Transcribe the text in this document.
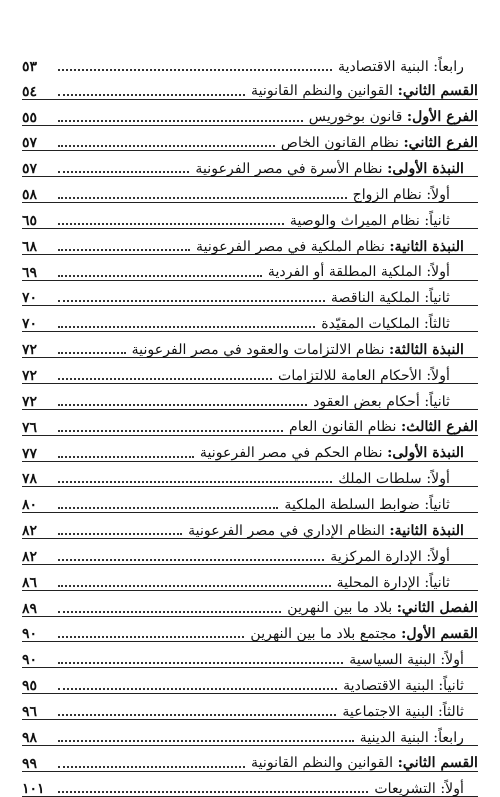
رابعاً: البنية الاقتصادية
٥٣
القسم الثاني: القوانين والنظم القانونية
٥٤
الفرع الأول: قانون بوخوريس
٥٥
الفرع الثاني: نظام القانون الخاص
٥٧
النبذة الأولى: نظام الأسرة في مصر الفرعونية
٥٧
أولاً: نظام الزواج
٥٨
ثانياً: نظام الميراث والوصية
٦٥
النبذة الثانية: نظام الملكية في مصر الفرعونية
٦٨
أولاً: الملكية المطلقة أو الفردية
٦٩
ثانياً: الملكية الناقصة
٧٠
ثالثاً: الملكيات المقيّدة
٧٠
النبذة الثالثة: نظام الالتزامات والعقود في مصر الفرعونية
٧٢
أولاً: الأحكام العامة للالتزامات
٧٢
ثانياً: أحكام بعض العقود
٧٢
الفرع الثالث: نظام القانون العام
٧٦
النبذة الأولى: نظام الحكم في مصر الفرعونية
٧٧
أولاً: سلطات الملك
٧٨
ثانياً: ضوابط السلطة الملكية
٨٠
النبذة الثانية: النظام الإداري في مصر الفرعونية
٨٢
أولاً: الإدارة المركزية
٨٢
ثانياً: الإدارة المحلية
٨٦
الفصل الثاني: بلاد ما بين النهرين
٨٩
القسم الأول: مجتمع بلاد ما بين النهرين
٩٠
أولاً: البنية السياسية
٩٠
ثانياً: البنية الاقتصادية
٩٥
ثالثاً: البنية الاجتماعية
٩٦
رابعاً: البنية الدينية
٩٨
القسم الثاني: القوانين والنظم القانونية
٩٩
أولاً: التشريعات
١٠١
